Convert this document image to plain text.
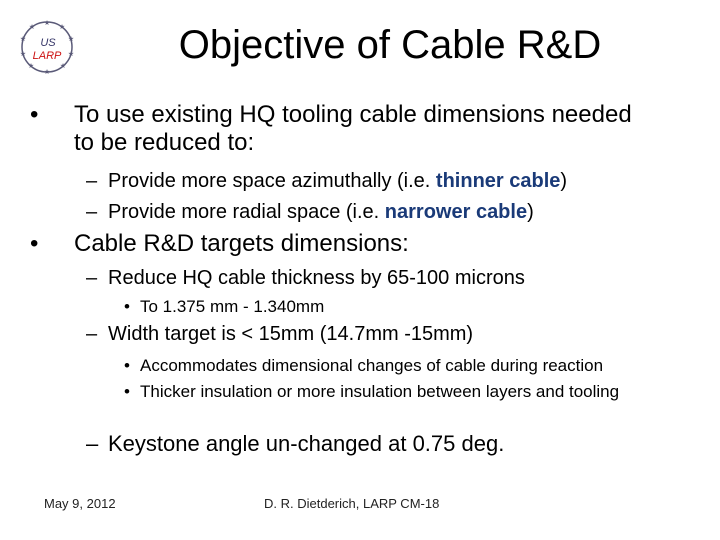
★ ★
★
★
★
★
★
★
★
★
US
LARP	Objective of Cable R&D
• To use existing HQ tooling cable dimensions needed to be reduced to:
– Provide more space azimuthally (i.e. thinner cable)
– Provide more radial space (i.e. narrower cable)
• Cable R&D targets dimensions:
– Reduce HQ cable thickness by 65-100 microns
• To 1.375 mm - 1.340mm
– Width target is < 15mm (14.7mm -15mm)
• Accommodates dimensional changes of cable during reaction
• Thicker insulation or more insulation between layers and tooling
– Keystone angle un-changed at 0.75 deg.
May 9, 2012	D. R. Dietderich, LARP CM-18
